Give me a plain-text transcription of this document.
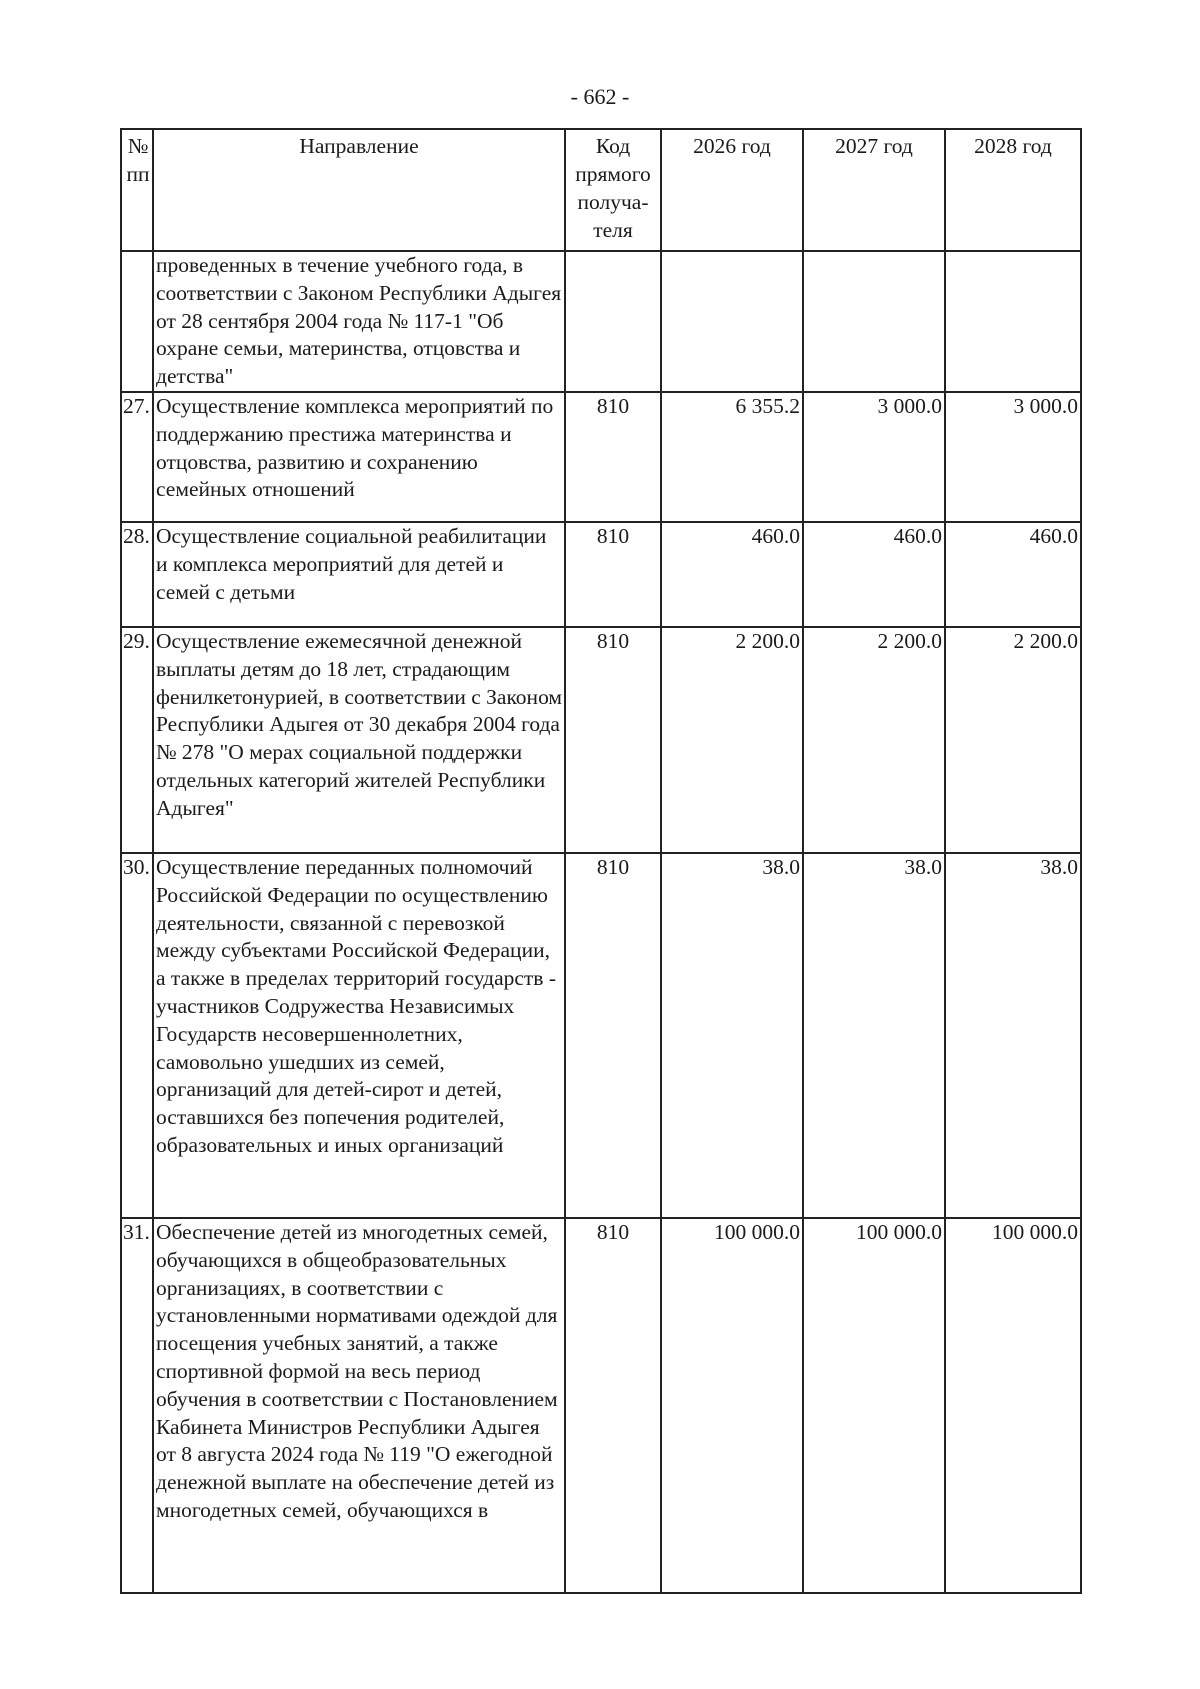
- 662 -
№ пп	Направление	Код прямого получа-теля	2026 год	2027 год	2028 год
	проведенных в течение учебного года, в соответствии с Законом Республики Адыгея от 28 сентября 2004 года № 117-1 "Об охране семьи, материнства, отцовства и детства"				
27.	Осуществление комплекса мероприятий по поддержанию престижа материнства и отцовства, развитию и сохранению семейных отношений	810	6 355.2	3 000.0	3 000.0
28.	Осуществление социальной реабилитации и комплекса мероприятий для детей и семей с детьми	810	460.0	460.0	460.0
29.	Осуществление ежемесячной денежной выплаты детям до 18 лет, страдающим фенилкетонурией, в соответствии с Законом Республики Адыгея от 30 декабря 2004 года № 278 "О мерах социальной поддержки отдельных категорий жителей Республики Адыгея"	810	2 200.0	2 200.0	2 200.0
30.	Осуществление переданных полномочий Российской Федерации по осуществлению деятельности, связанной с перевозкой между субъектами Российской Федерации, а также в пределах территорий государств - участников Содружества Независимых Государств несовершеннолетних, самовольно ушедших из семей, организаций для детей-сирот и детей, оставшихся без попечения родителей, образовательных и иных организаций	810	38.0	38.0	38.0
31.	Обеспечение детей из многодетных семей, обучающихся в общеобразовательных организациях, в соответствии с установленными нормативами одеждой для посещения учебных занятий, а также спортивной формой на весь период обучения в соответствии с Постановлением Кабинета Министров Республики Адыгея от 8 августа 2024 года № 119 "О ежегодной денежной выплате на обеспечение детей из многодетных семей, обучающихся в	810	100 000.0	100 000.0	100 000.0
